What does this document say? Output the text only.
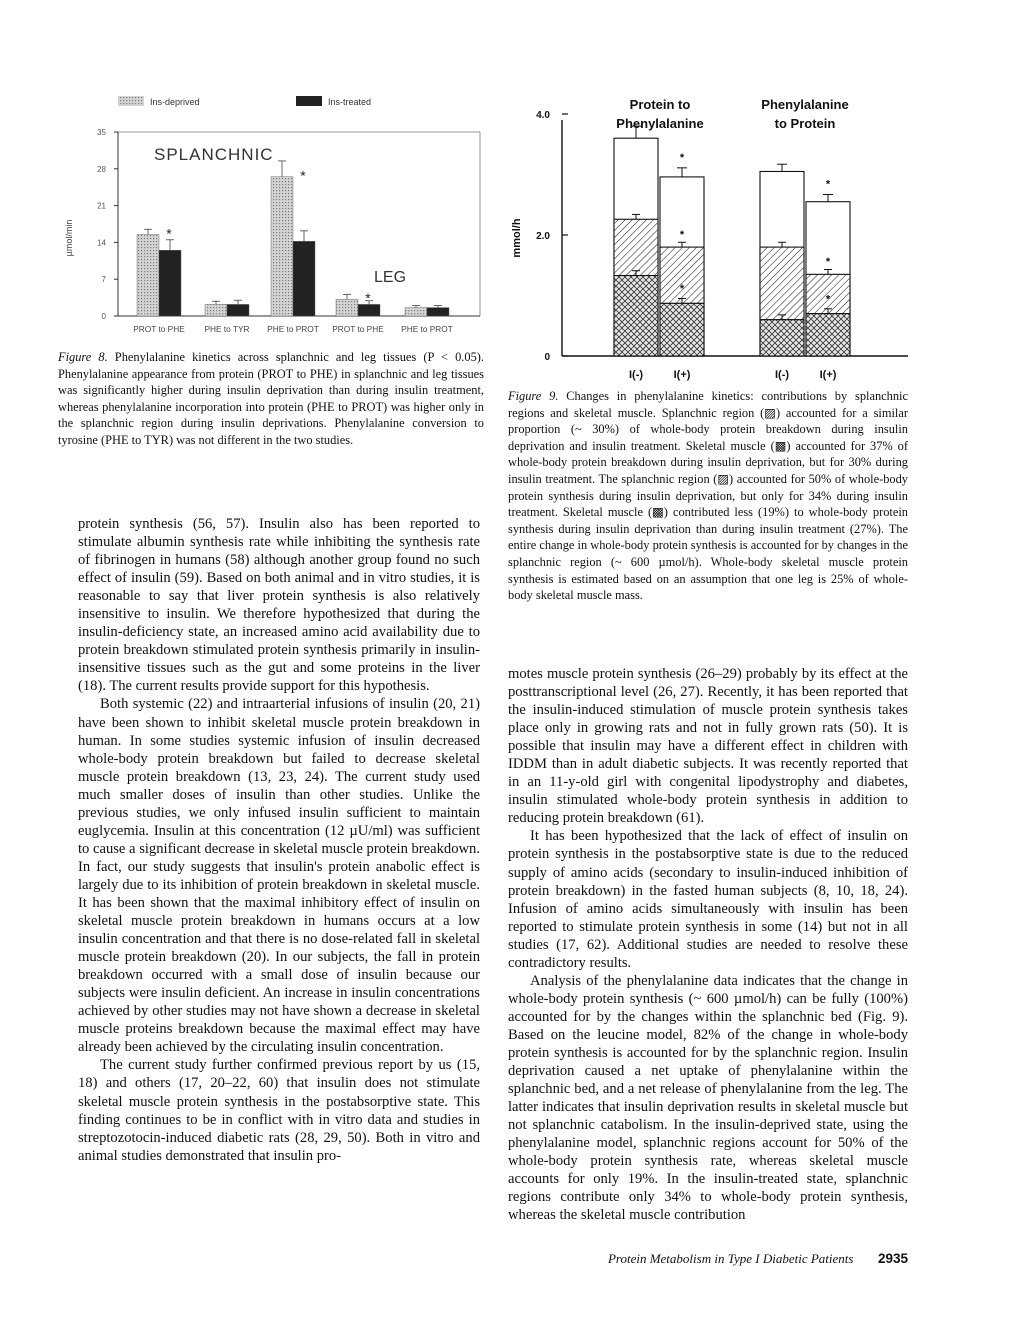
Ins-deprived	Ins-treated
µmol/min
SPLANCHNIC
LEG
0
7
14
21
28
35
*
*
*
PROT to PHE PHE to TYR PHE to PROT PROT to PHE PHE to PROT
Figure 8. Phenylalanine kinetics across splanchnic and leg tissues (P < 0.05). Phenylalanine appearance from protein (PROT to PHE) in splanchnic and leg tissues was significantly higher during insulin deprivation than during insulin treatment, whereas phenylalanine incorporation into protein (PHE to PROT) was higher only in the splanchnic region during insulin deprivations. Phenylalanine conversion to tyrosine (PHE to TYR) was not different in the two studies.
Protein to
Phenylalanine
Phenylalanine
to Protein
mmol/h
0
2.0
4.0
*
*
*
*
*
*
I(-)	I(+)	I(-)	I(+)
Figure 9. Changes in phenylalanine kinetics: contributions by splanchnic regions and skeletal muscle. Splanchnic region (▨) accounted for a similar proportion (~ 30%) of whole-body protein breakdown during insulin deprivation and insulin treatment. Skeletal muscle (▩) accounted for 37% of whole-body protein breakdown during insulin deprivation, but for 30% during insulin treatment. The splanchnic region (▨) accounted for 50% of whole-body protein synthesis during insulin deprivation, but only for 34% during insulin treatment. Skeletal muscle (▩) contributed less (19%) to whole-body protein synthesis during insulin deprivation than during insulin treatment (27%). The entire change in whole-body protein synthesis is accounted for by changes in the splanchnic region (~ 600 µmol/h). Whole-body skeletal muscle protein synthesis is estimated based on an assumption that one leg is 25% of whole-body skeletal muscle mass.

protein synthesis (56, 57). Insulin also has been reported to stimulate albumin synthesis rate while inhibiting the synthesis rate of fibrinogen in humans (58) although another group found no such effect of insulin (59). Based on both animal and in vitro studies, it is reasonable to say that liver protein synthesis is also relatively insensitive to insulin. We therefore hypothesized that during the insulin-deficiency state, an increased amino acid availability due to protein breakdown stimulated protein synthesis primarily in insulin-insensitive tissues such as the gut and some proteins in the liver (18). The current results provide support for this hypothesis.

Both systemic (22) and intraarterial infusions of insulin (20, 21) have been shown to inhibit skeletal muscle protein breakdown in human. In some studies systemic infusion of insulin decreased whole-body protein breakdown but failed to decrease skeletal muscle protein breakdown (13, 23, 24). The current study used much smaller doses of insulin than other studies. Unlike the previous studies, we only infused insulin sufficient to maintain euglycemia. Insulin at this concentration (12 µU/ml) was sufficient to cause a significant decrease in skeletal muscle protein breakdown. In fact, our study suggests that insulin's protein anabolic effect is largely due to its inhibition of protein breakdown in skeletal muscle. It has been shown that the maximal inhibitory effect of insulin on skeletal muscle protein breakdown in humans occurs at a low insulin concentration and that there is no dose-related fall in skeletal muscle protein breakdown (20). In our subjects, the fall in protein breakdown occurred with a small dose of insulin because our subjects were insulin deficient. An increase in insulin concentrations achieved by other studies may not have shown a decrease in skeletal muscle proteins breakdown because the maximal effect may have already been achieved by the circulating insulin concentration.

The current study further confirmed previous report by us (15, 18) and others (17, 20–22, 60) that insulin does not stimulate skeletal muscle protein synthesis in the postabsorptive state. This finding continues to be in conflict with in vitro data and studies in streptozotocin-induced diabetic rats (28, 29, 50). Both in vitro and animal studies demonstrated that insulin pro-

motes muscle protein synthesis (26–29) probably by its effect at the posttranscriptional level (26, 27). Recently, it has been reported that the insulin-induced stimulation of muscle protein synthesis takes place only in growing rats and not in fully grown rats (50). It is possible that insulin may have a different effect in children with IDDM than in adult diabetic subjects. It was recently reported that in an 11-y-old girl with congenital lipodystrophy and diabetes, insulin stimulated whole-body protein synthesis in addition to reducing protein breakdown (61).

It has been hypothesized that the lack of effect of insulin on protein synthesis in the postabsorptive state is due to the reduced supply of amino acids (secondary to insulin-induced inhibition of protein breakdown) in the fasted human subjects (8, 10, 18, 24). Infusion of amino acids simultaneously with insulin has been reported to stimulate protein synthesis in some (14) but not in all studies (17, 62). Additional studies are needed to resolve these contradictory results.

Analysis of the phenylalanine data indicates that the change in whole-body protein synthesis (~ 600 µmol/h) can be fully (100%) accounted for by the changes within the splanchnic bed (Fig. 9). Based on the leucine model, 82% of the change in whole-body protein synthesis is accounted for by the splanchnic region. Insulin deprivation caused a net uptake of phenylalanine within the splanchnic bed, and a net release of phenylalanine from the leg. The latter indicates that insulin deprivation results in skeletal muscle but not splanchnic catabolism. In the insulin-deprived state, using the phenylalanine model, splanchnic regions account for 50% of the whole-body protein synthesis rate, whereas skeletal muscle accounts for only 19%. In the insulin-treated state, splanchnic regions contribute only 34% to whole-body protein synthesis, whereas the skeletal muscle contribution

Protein Metabolism in Type I Diabetic Patients 2935
